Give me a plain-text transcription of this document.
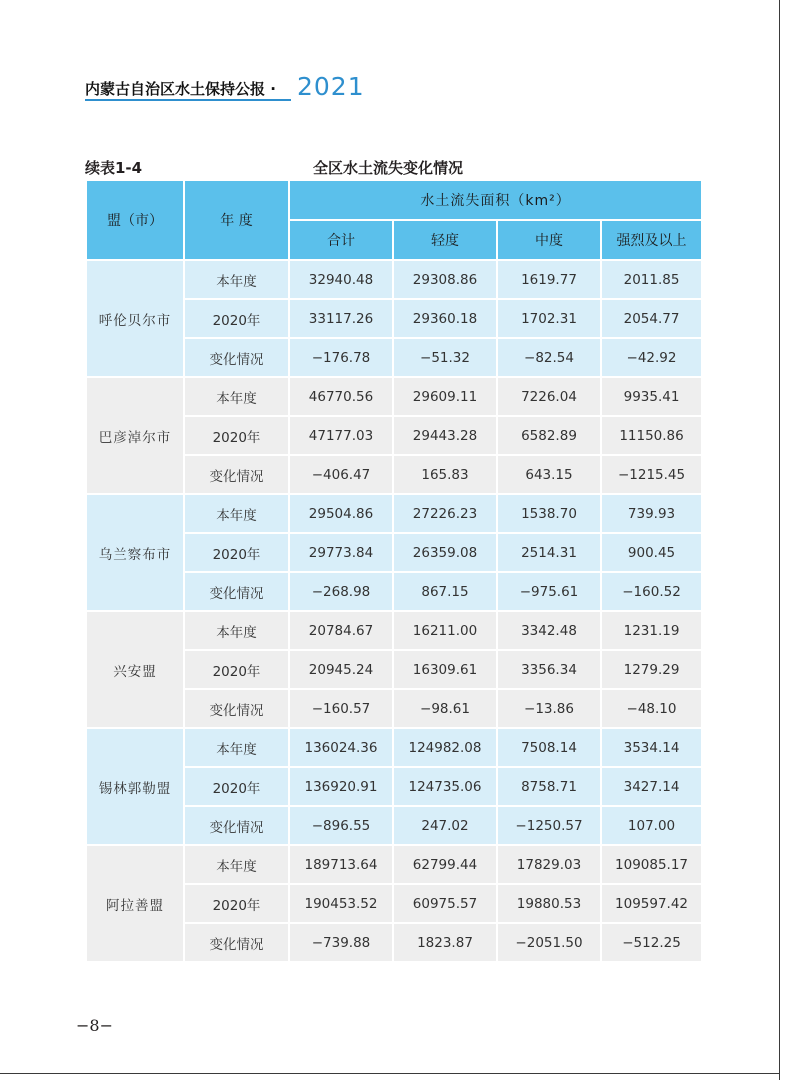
内蒙古自治区水土保持公报 · 2021
续表1-4	全区水土流失变化情况
盟（市）	年 度	水土流失面积（km²）			
		合计	轻度	中度	强烈及以上
呼伦贝尔市	本年度	32940.48	29308.86	1619.77	2011.85
	2020年	33117.26	29360.18	1702.31	2054.77
	变化情况	−176.78	−51.32	−82.54	−42.92
巴彦淖尔市	本年度	46770.56	29609.11	7226.04	9935.41
	2020年	47177.03	29443.28	6582.89	11150.86
	变化情况	−406.47	165.83	643.15	−1215.45
乌兰察布市	本年度	29504.86	27226.23	1538.70	739.93
	2020年	29773.84	26359.08	2514.31	900.45
	变化情况	−268.98	867.15	−975.61	−160.52
兴安盟	本年度	20784.67	16211.00	3342.48	1231.19
	2020年	20945.24	16309.61	3356.34	1279.29
	变化情况	−160.57	−98.61	−13.86	−48.10
锡林郭勒盟	本年度	136024.36	124982.08	7508.14	3534.14
	2020年	136920.91	124735.06	8758.71	3427.14
	变化情况	−896.55	247.02	−1250.57	107.00
阿拉善盟	本年度	189713.64	62799.44	17829.03	109085.17
	2020年	190453.52	60975.57	19880.53	109597.42
	变化情况	−739.88	1823.87	−2051.50	−512.25
−8−
